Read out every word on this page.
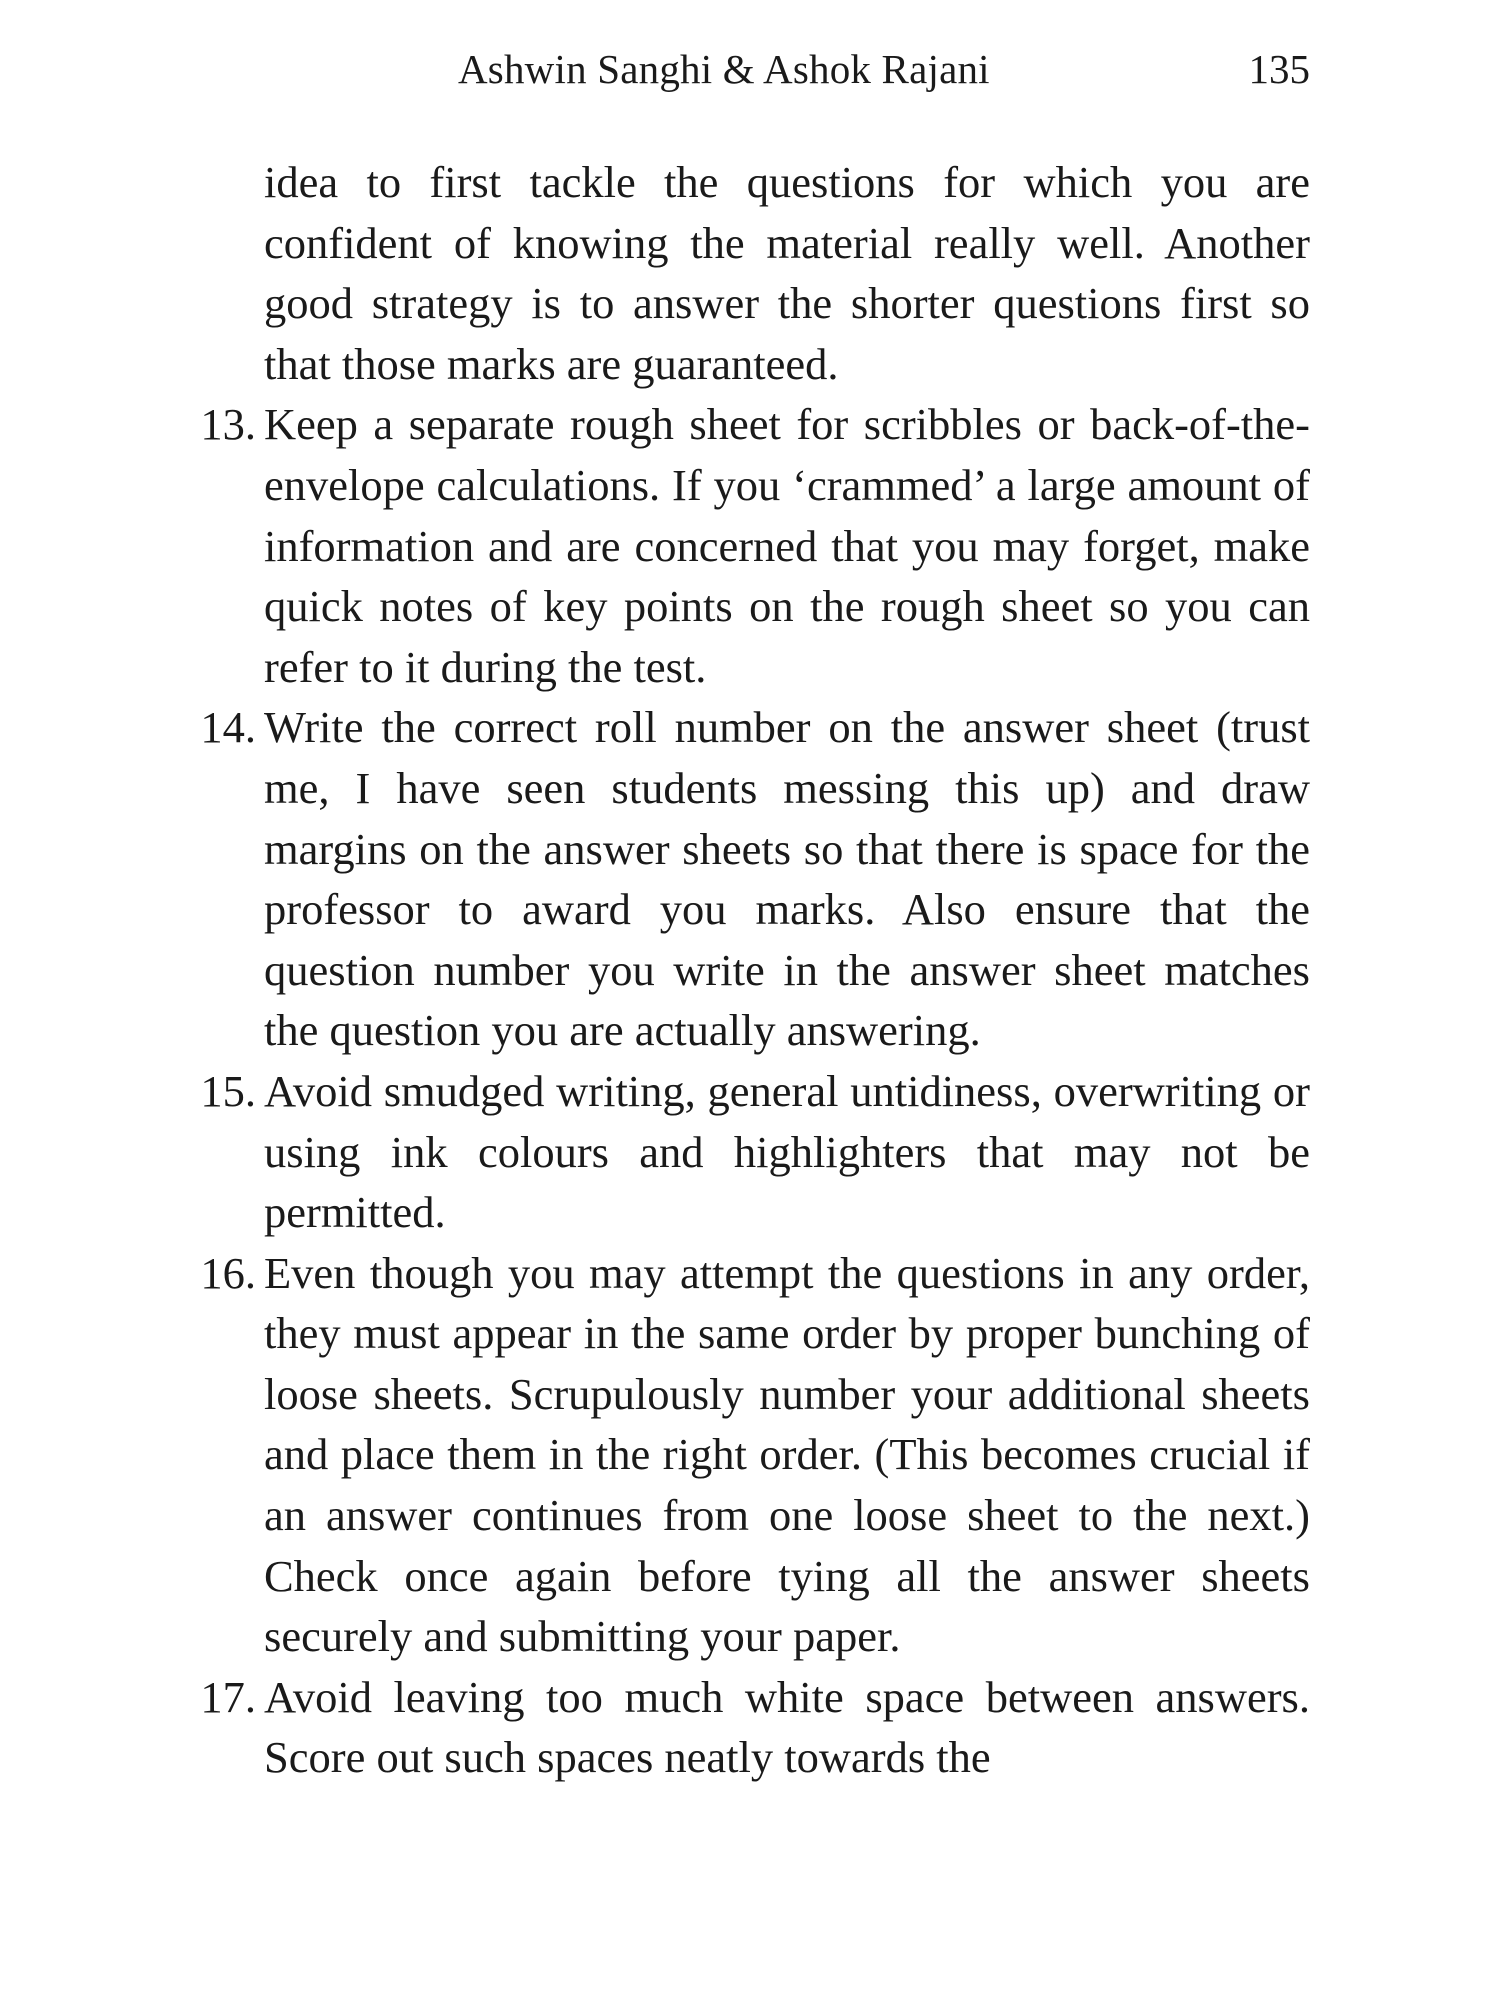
Ashwin Sanghi & Ashok Rajani	135
idea to first tackle the questions for which you are confident of knowing the material really well. Another good strategy is to answer the shorter questions first so that those marks are guaranteed.
13. Keep a separate rough sheet for scribbles or back-of-the-envelope calculations. If you ‘crammed’ a large amount of information and are concerned that you may forget, make quick notes of key points on the rough sheet so you can refer to it during the test.
14. Write the correct roll number on the answer sheet (trust me, I have seen students messing this up) and draw margins on the answer sheets so that there is space for the professor to award you marks. Also ensure that the question number you write in the answer sheet matches the question you are actually answering.
15. Avoid smudged writing, general untidiness, overwriting or using ink colours and highlighters that may not be permitted.
16. Even though you may attempt the questions in any order, they must appear in the same order by proper bunching of loose sheets. Scrupulously number your additional sheets and place them in the right order. (This becomes crucial if an answer continues from one loose sheet to the next.) Check once again before tying all the answer sheets securely and submitting your paper.
17. Avoid leaving too much white space between answers. Score out such spaces neatly towards the
